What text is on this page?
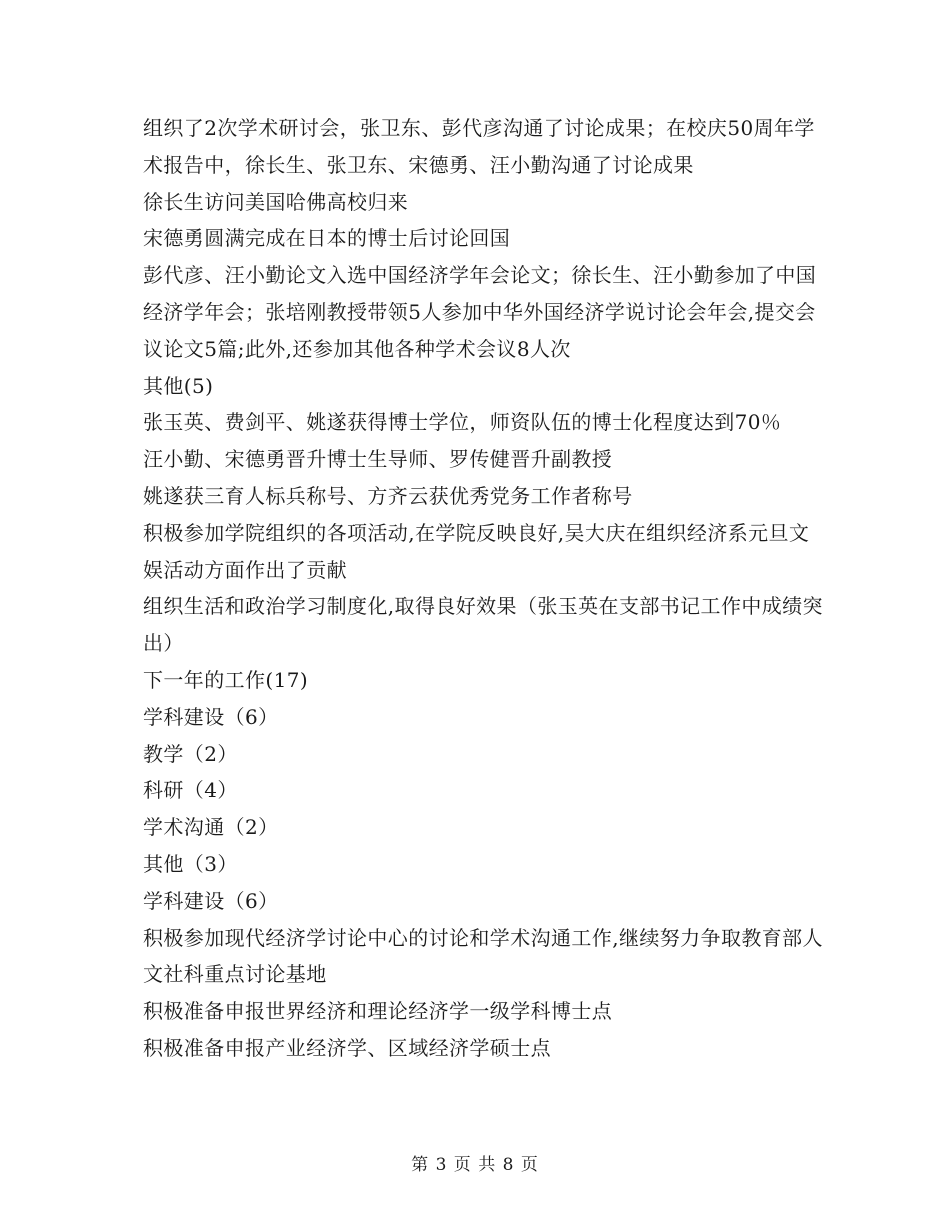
组织了2次学术研讨会，张卫东、彭代彦沟通了讨论成果；在校庆50周年学术报告中，徐长生、张卫东、宋德勇、汪小勤沟通了讨论成果

徐长生访问美国哈佛高校归来

宋德勇圆满完成在日本的博士后讨论回国

彭代彦、汪小勤论文入选中国经济学年会论文；徐长生、汪小勤参加了中国经济学年会；张培刚教授带领5人参加中华外国经济学说讨论会年会,提交会议论文5篇;此外,还参加其他各种学术会议8人次

其他(5)

张玉英、费剑平、姚遂获得博士学位，师资队伍的博士化程度达到70％

汪小勤、宋德勇晋升博士生导师、罗传健晋升副教授

姚遂获三育人标兵称号、方齐云获优秀党务工作者称号

积极参加学院组织的各项活动,在学院反映良好,吴大庆在组织经济系元旦文娱活动方面作出了贡献

组织生活和政治学习制度化,取得良好效果（张玉英在支部书记工作中成绩突出）

下一年的工作(17)

学科建设（6）

教学（2）

科研（4）

学术沟通（2）

其他（3）

学科建设（6）

积极参加现代经济学讨论中心的讨论和学术沟通工作,继续努力争取教育部人文社科重点讨论基地

积极准备申报世界经济和理论经济学一级学科博士点

积极准备申报产业经济学、区域经济学硕士点

第 3 页 共 8 页
